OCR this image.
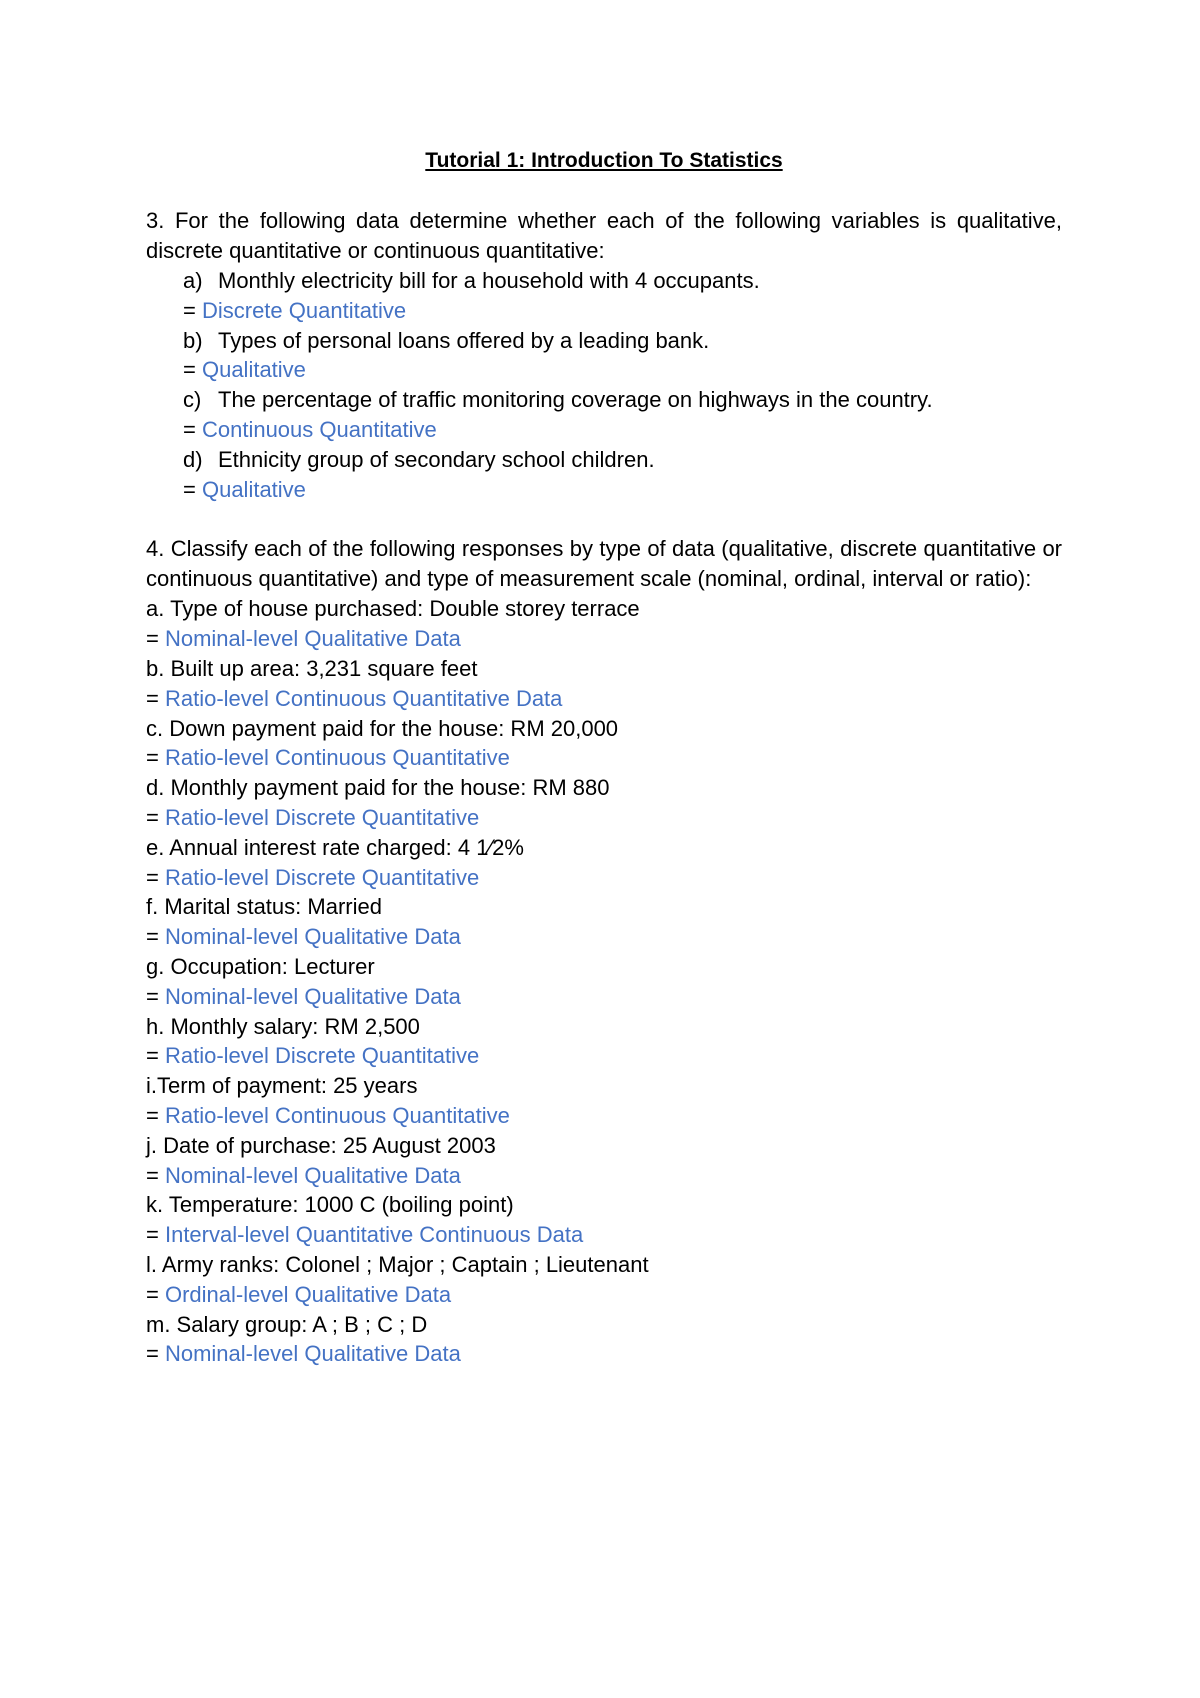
Tutorial 1: Introduction To Statistics

3. For the following data determine whether each of the following variables is qualitative, discrete quantitative or continuous quantitative:

a) Monthly electricity bill for a household with 4 occupants.
= Discrete Quantitative
b) Types of personal loans offered by a leading bank.
= Qualitative
c) The percentage of traffic monitoring coverage on highways in the country.
= Continuous Quantitative
d) Ethnicity group of secondary school children.
= Qualitative

4. Classify each of the following responses by type of data (qualitative, discrete quantitative or continuous quantitative) and type of measurement scale (nominal, ordinal, interval or ratio):

a. Type of house purchased: Double storey terrace
= Nominal-level Qualitative Data
b. Built up area: 3,231 square feet
= Ratio-level Continuous Quantitative Data
c. Down payment paid for the house: RM 20,000
= Ratio-level Continuous Quantitative
d. Monthly payment paid for the house: RM 880
= Ratio-level Discrete Quantitative
e. Annual interest rate charged: 4 1⁄2%
= Ratio-level Discrete Quantitative
f. Marital status: Married
= Nominal-level Qualitative Data
g. Occupation: Lecturer
= Nominal-level Qualitative Data
h. Monthly salary: RM 2,500
= Ratio-level Discrete Quantitative
i.Term of payment: 25 years
= Ratio-level Continuous Quantitative
j. Date of purchase: 25 August 2003
= Nominal-level Qualitative Data
k. Temperature: 1000 C (boiling point)
= Interval-level Quantitative Continuous Data
l. Army ranks: Colonel ; Major ; Captain ; Lieutenant
= Ordinal-level Qualitative Data
m. Salary group: A ; B ; C ; D
= Nominal-level Qualitative Data
